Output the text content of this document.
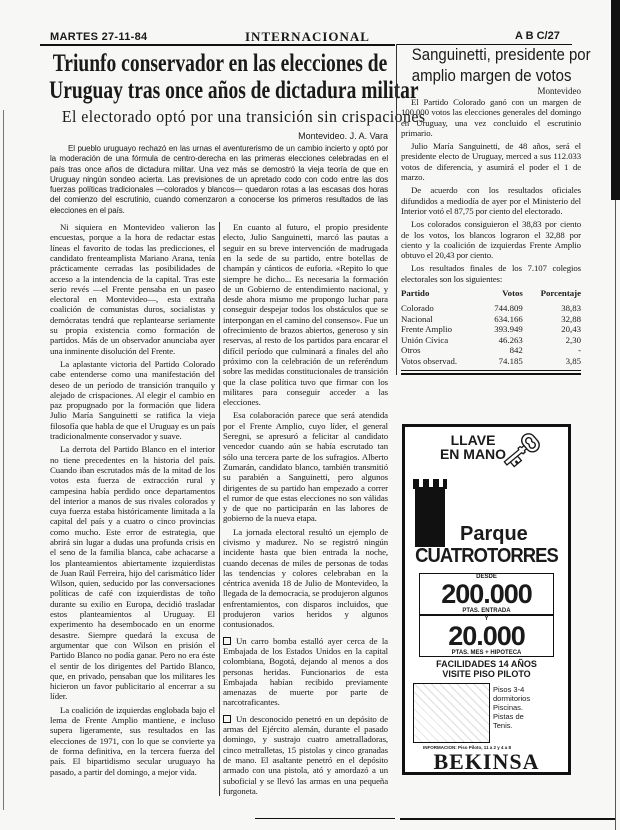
MARTES 27-11-84	INTERNACIONAL	A B C/27
Triunfo conservador en las elecciones de
Uruguay tras once años de dictadura militar
El electorado optó por una transición sin crispaciones
Montevideo. J. A. Vara

El pueblo uruguayo rechazó en las urnas el aventurerismo de un cambio incierto y optó por la moderación de una fórmula de centro-derecha en las primeras elecciones celebradas en el país tras once años de dictadura militar. Una vez más se demostró la vieja teoría de que en Uruguay ningún sondeo acierta. Las previsiones de un apretado codo con codo entre las dos fuerzas políticas tradicionales —colorados y blancos— quedaron rotas a las escasas dos horas del comienzo del escrutinio, cuando comenzaron a conocerse los primeros resultados de las elecciones en el país.

Ni siquiera en Montevideo valieron las encuestas, porque a la hora de redactar estas líneas el favorito de todas las predicciones, el candidato frenteamplista Mariano Arana, tenía prácticamente cerradas las posibilidades de acceso a la intendencia de la capital. Tras este serio revés —el Frente pensaba en un paseo electoral en Montevideo—, esta extraña coalición de comunistas duros, socialistas y demócratas tendrá que replantearse seriamente su propia existencia como formación de partidos. Más de un observador anunciaba ayer una inminente disolución del Frente.

La aplastante victoria del Partido Colorado cabe entenderse como una manifestación del deseo de un período de transición tranquilo y alejado de crispaciones. Al elegir el cambio en paz propugnado por la formación que lidera Julio María Sanguinetti se ratifica la vieja filosofía que habla de que el Uruguay es un país tradicionalmente conservador y suave.

La derrota del Partido Blanco en el interior no tiene precedentes en la historia del país. Cuando iban escrutados más de la mitad de los votos esta fuerza de extracción rural y campesina había perdido once departamentos del interior a manos de sus rivales colorados y cuya fuerza estaba históricamente limitada a la capital del país y a cuatro o cinco provincias como mucho. Este error de estrategia, que abrirá sin lugar a dudas una profunda crisis en el seno de la familia blanca, cabe achacarse a los planteamientos abiertamente izquierdistas de Juan Raúl Ferreira, hijo del carismático líder Wilson, quien, seducido por las conversaciones políticas de café con izquierdistas de toño durante su exilio en Europa, decidió trasladar estos planteamientos al Uruguay. El experimento ha desembocado en un enorme desastre. Siempre quedará la excusa de argumentar que con Wilson en prisión el Partido Blanco no podía ganar. Pero no era éste el sentir de los dirigentes del Partido Blanco, que, en privado, pensaban que los militares les hicieron un favor publicitario al encerrar a su líder.

La coalición de izquierdas englobada bajo el lema de Frente Amplio mantiene, e incluso supera ligeramente, sus resultados en las elecciones de 1971, con lo que se convierte ya de forma definitiva, en la tercera fuerza del país. El bipartidismo secular uruguayo ha pasado, a partir del domingo, a mejor vida.

En cuanto al futuro, el propio presidente electo, Julio Sanguinetti, marcó las pautas a seguir en su breve intervención de madrugada en la sede de su partido, entre botellas de champán y cánticos de euforia. «Repito lo que siempre he dicho... Es necesaria la formación de un Gobierno de entendimiento nacional, y desde ahora mismo me propongo luchar para conseguir despejar todos los obstáculos que se interpongan en el camino del consenso». Fue un ofrecimiento de brazos abiertos, generoso y sin reservas, al resto de los partidos para encarar el difícil período que culminará a finales del año próximo con la celebración de un referéndum sobre las medidas constitucionales de transición que la clase política tuvo que firmar con los militares para conseguir acceder a las elecciones.

Esa colaboración parece que será atendida por el Frente Amplio, cuyo líder, el general Seregni, se apresuró a felicitar al candidato vencedor cuando aún se había escrutado tan sólo una tercera parte de los sufragios. Alberto Zumarán, candidato blanco, también transmitió su parabién a Sanguinetti, pero algunos dirigentes de su partido han empezado a correr el rumor de que estas elecciones no son válidas y de que no participarán en las labores de gobierno de la nueva etapa.

La jornada electoral resultó un ejemplo de civismo y madurez. No se registró ningún incidente hasta que bien entrada la noche, cuando decenas de miles de personas de todas las tendencias y colores celebraban en la céntrica avenida 18 de Julio de Montevideo, la llegada de la democracia, se produjeron algunos enfrentamientos, con disparos incluidos, que produjeron varios heridos y algunos contusionados.

Un carro bomba estalló ayer cerca de la Embajada de los Estados Unidos en la capital colombiana, Bogotá, dejando al menos a dos personas heridas. Funcionarios de esta Embajada habían recibido previamente amenazas de muerte por parte de narcotraficantes.

Un desconocido penetró en un depósito de armas del Ejército alemán, durante el pasado domingo, y sustrajo cuatro ametralladoras, cinco metralletas, 15 pistolas y cinco granadas de mano. El asaltante penetró en el depósito armado con una pistola, ató y amordazó a un suboficial y se llevó las armas en una pequeña furgoneta.

Sanguinetti, presidente por
amplio margen de votos
Montevideo

El Partido Colorado ganó con un margen de 100.000 votos las elecciones generales del domingo en Uruguay, una vez concluido el escrutinio primario.

Julio María Sanguinetti, de 48 años, será el presidente electo de Uruguay, merced a sus 112.033 votos de diferencia, y asumirá el poder el 1 de marzo.

De acuerdo con los resultados oficiales difundidos a mediodía de ayer por el Ministerio del Interior votó el 87,75 por ciento del electorado.

Los colorados consiguieron el 38,83 por ciento de los votos, los blancos lograron el 32,88 por ciento y la coalición de izquierdas Frente Amplio obtuvo el 20,43 por ciento.

Los resultados finales de los 7.107 colegios electorales son los siguientes:

Partido	Votos	Porcentaje
Colorado	744.809	38,83
Nacional	634.166	32,88
Frente Amplio	393.949	20,43
Unión Cívica	46.263	2,30
Otros	842	-
Votos observad.	74.185	3,85
LLAVE EN MANO
🗝
Parque
CUATROTORRES
DESDE
200.000
PTAS. ENTRADA
Y
20.000
PTAS. MES + HIPOTECA
FACILIDADES 14 AÑOS
VISITE PISO PILOTO
Pisos 3-4
dormitorios
Piscinas.
Pistas de
Tenis.
INFORMACION: Piso Piloto, 11 a 2 y 4 a 8
BEKINSA
